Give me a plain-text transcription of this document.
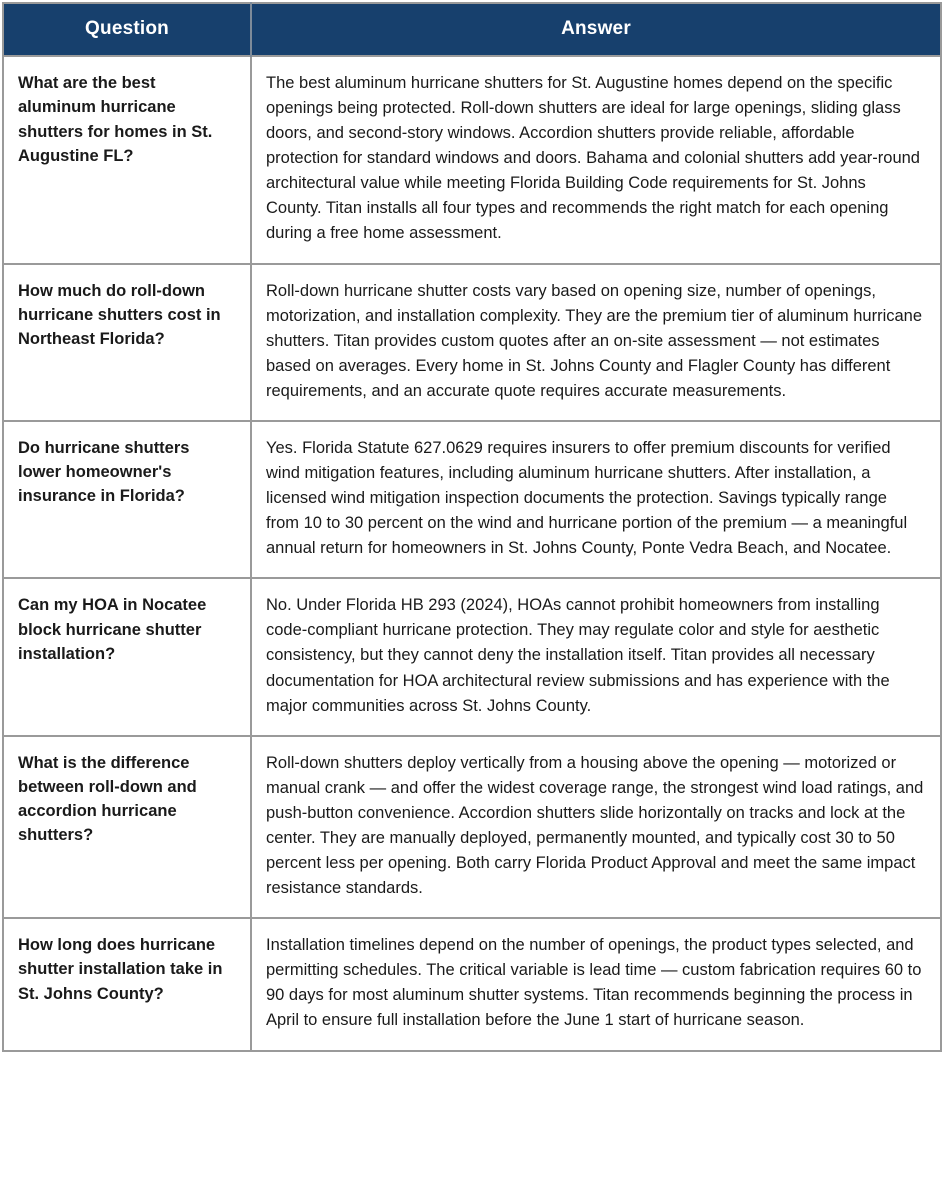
Question	Answer
What are the best aluminum hurricane shutters for homes in St. Augustine FL?	The best aluminum hurricane shutters for St. Augustine homes depend on the specific openings being protected. Roll-down shutters are ideal for large openings, sliding glass doors, and second-story windows. Accordion shutters provide reliable, affordable protection for standard windows and doors. Bahama and colonial shutters add year-round architectural value while meeting Florida Building Code requirements for St. Johns County. Titan installs all four types and recommends the right match for each opening during a free home assessment.
How much do roll-down hurricane shutters cost in Northeast Florida?	Roll-down hurricane shutter costs vary based on opening size, number of openings, motorization, and installation complexity. They are the premium tier of aluminum hurricane shutters. Titan provides custom quotes after an on-site assessment — not estimates based on averages. Every home in St. Johns County and Flagler County has different requirements, and an accurate quote requires accurate measurements.
Do hurricane shutters lower homeowner's insurance in Florida?	Yes. Florida Statute 627.0629 requires insurers to offer premium discounts for verified wind mitigation features, including aluminum hurricane shutters. After installation, a licensed wind mitigation inspection documents the protection. Savings typically range from 10 to 30 percent on the wind and hurricane portion of the premium — a meaningful annual return for homeowners in St. Johns County, Ponte Vedra Beach, and Nocatee.
Can my HOA in Nocatee block hurricane shutter installation?	No. Under Florida HB 293 (2024), HOAs cannot prohibit homeowners from installing code-compliant hurricane protection. They may regulate color and style for aesthetic consistency, but they cannot deny the installation itself. Titan provides all necessary documentation for HOA architectural review submissions and has experience with the major communities across St. Johns County.
What is the difference between roll-down and accordion hurricane shutters?	Roll-down shutters deploy vertically from a housing above the opening — motorized or manual crank — and offer the widest coverage range, the strongest wind load ratings, and push-button convenience. Accordion shutters slide horizontally on tracks and lock at the center. They are manually deployed, permanently mounted, and typically cost 30 to 50 percent less per opening. Both carry Florida Product Approval and meet the same impact resistance standards.
How long does hurricane shutter installation take in St. Johns County?	Installation timelines depend on the number of openings, the product types selected, and permitting schedules. The critical variable is lead time — custom fabrication requires 60 to 90 days for most aluminum shutter systems. Titan recommends beginning the process in April to ensure full installation before the June 1 start of hurricane season.
